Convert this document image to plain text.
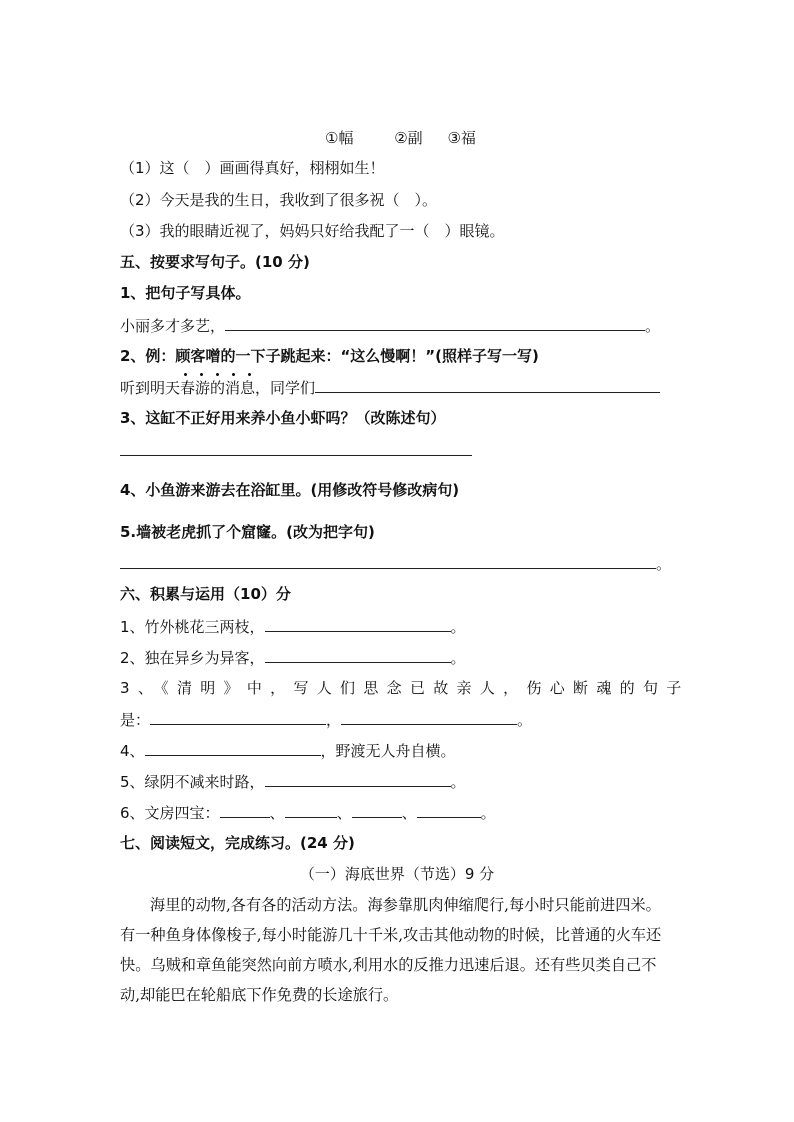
①幅	②副 ③福
（1）这（　）画画得真好，栩栩如生！
（2）今天是我的生日，我收到了很多祝（　）。
（3）我的眼睛近视了，妈妈只好给我配了一（　）眼镜。
五、按要求写句子。(10 分)
1、把句子写具体。
小丽多才多艺，	。
2、例：顾客噌的一下子跳起来：“这么慢啊！”(照样子写一写)
听到明天春游的消息，同学们
3、这缸不正好用来养小鱼小虾吗？（改陈述句）
4、小鱼游来游去在浴缸里。(用修改符号修改病句)
5.墙被老虎抓了个窟窿。(改为把字句)
。
六、积累与运用（10）分
1、竹外桃花三两枝，	。
2、独在异乡为异客，	。
3、《清明》中，写人们思念已故亲人，伤心断魂的句子
是：	，	。
4、	，野渡无人舟自横。
5、绿阴不减来时路，	。
6、文房四宝：	、	、	、	。
七、阅读短文，完成练习。(24 分)
（一）海底世界（节选）9 分
海里的动物,各有各的活动方法。海参靠肌肉伸缩爬行,每小时只能前进四米。
有一种鱼身体像梭子,每小时能游几十千米,攻击其他动物的时候，比普通的火车还
快。乌贼和章鱼能突然向前方喷水,利用水的反推力迅速后退。还有些贝类自己不
动,却能巴在轮船底下作免费的长途旅行。
